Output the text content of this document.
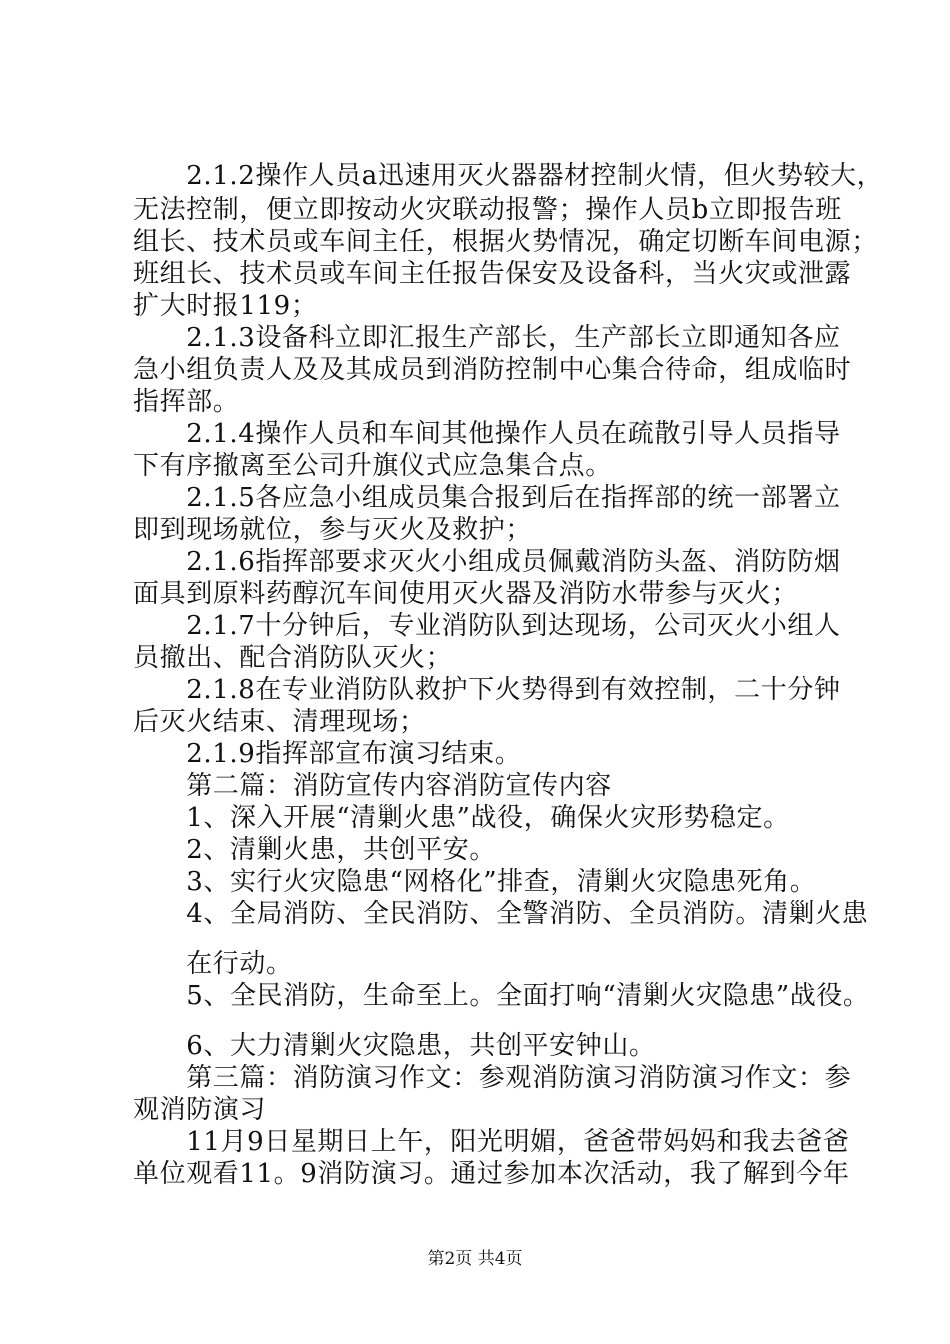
　　2.1.2操作人员a迅速用灭火器器材控制火情，但火势较大，
无法控制，便立即按动火灾联动报警；操作人员b立即报告班
组长、技术员或车间主任，根据火势情况，确定切断车间电源；
班组长、技术员或车间主任报告保安及设备科，当火灾或泄露
扩大时报119；
　　2.1.3设备科立即汇报生产部长，生产部长立即通知各应
急小组负责人及及其成员到消防控制中心集合待命，组成临时
指挥部。
　　2.1.4操作人员和车间其他操作人员在疏散引导人员指导
下有序撤离至公司升旗仪式应急集合点。
　　2.1.5各应急小组成员集合报到后在指挥部的统一部署立
即到现场就位，参与灭火及救护；
　　2.1.6指挥部要求灭火小组成员佩戴消防头盔、消防防烟
面具到原料药醇沉车间使用灭火器及消防水带参与灭火；
　　2.1.7十分钟后，专业消防队到达现场，公司灭火小组人
员撤出、配合消防队灭火；
　　2.1.8在专业消防队救护下火势得到有效控制，二十分钟
后灭火结束、清理现场；
　　2.1.9指挥部宣布演习结束。
　　第二篇：消防宣传内容消防宣传内容
　　1、深入开展“清剿火患”战役，确保火灾形势稳定。
　　2、清剿火患，共创平安。
　　3、实行火灾隐患“网格化”排查，清剿火灾隐患死角。
　　4、全局消防、全民消防、全警消防、全员消防。清剿火患
　　在行动。
　　5、全民消防，生命至上。全面打响“清剿火灾隐患”战役。
　　6、大力清剿火灾隐患，共创平安钟山。
　　第三篇：消防演习作文：参观消防演习消防演习作文：参
观消防演习
　　11月9日星期日上午，阳光明媚，爸爸带妈妈和我去爸爸
单位观看11。9消防演习。通过参加本次活动，我了解到今年
第2页 共4页
